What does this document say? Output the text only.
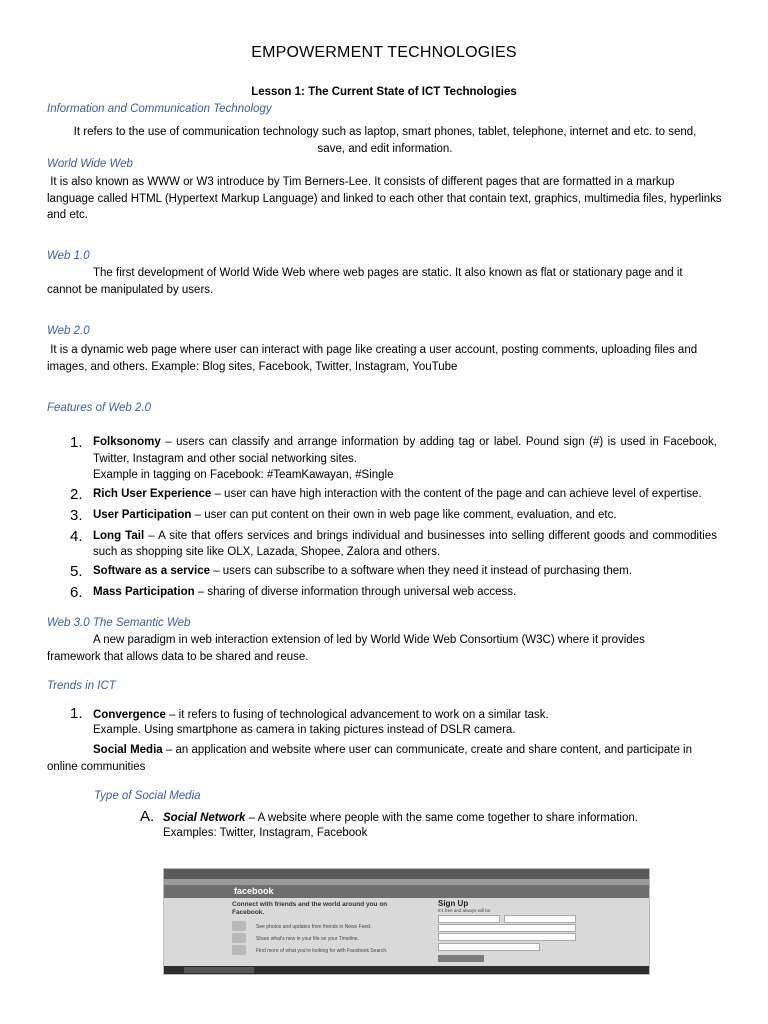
EMPOWERMENT TECHNOLOGIES
Lesson 1: The Current State of ICT Technologies
Information and Communication Technology
It refers to the use of communication technology such as laptop, smart phones, tablet, telephone, internet and etc. to send,
save, and edit information.
World Wide Web
It is also known as WWW or W3 introduce by Tim Berners-Lee. It consists of different pages that are formatted in a markup language called HTML (Hypertext Markup Language) and linked to each other that contain text, graphics, multimedia files, hyperlinks and etc.
Web 1.0
The first development of World Wide Web where web pages are static. It also known as flat or stationary page and it
cannot be manipulated by users.
Web 2.0
It is a dynamic web page where user can interact with page like creating a user account, posting comments, uploading files and images, and others. Example: Blog sites, Facebook, Twitter, Instagram, YouTube
Features of Web 2.0
1. Folksonomy – users can classify and arrange information by adding tag or label. Pound sign (#) is used in Facebook, Twitter, Instagram and other social networking sites.
Example in tagging on Facebook: #TeamKawayan, #Single
2. Rich User Experience – user can have high interaction with the content of the page and can achieve level of expertise.
3. User Participation – user can put content on their own in web page like comment, evaluation, and etc.
4. Long Tail – A site that offers services and brings individual and businesses into selling different goods and commodities such as shopping site like OLX, Lazada, Shopee, Zalora and others.
5. Software as a service – users can subscribe to a software when they need it instead of purchasing them.
6. Mass Participation – sharing of diverse information through universal web access.
Web 3.0 The Semantic Web
A new paradigm in web interaction extension of led by World Wide Web Consortium (W3C) where it provides
framework that allows data to be shared and reuse.
Trends in ICT
1. Convergence – it refers to fusing of technological advancement to work on a similar task.
Example. Using smartphone as camera in taking pictures instead of DSLR camera.
Social Media – an application and website where user can communicate, create and share content, and participate in
online communities
Type of Social Media
A. Social Network – A website where people with the same come together to share information.
Examples: Twitter, Instagram, Facebook
facebook
Connect with friends and the world around you on Facebook.
See photos and updates from friends in News Feed.
Share what's new in your life on your Timeline.
Find more of what you're looking for with Facebook Search.
Sign Up
It's free and always will be.
